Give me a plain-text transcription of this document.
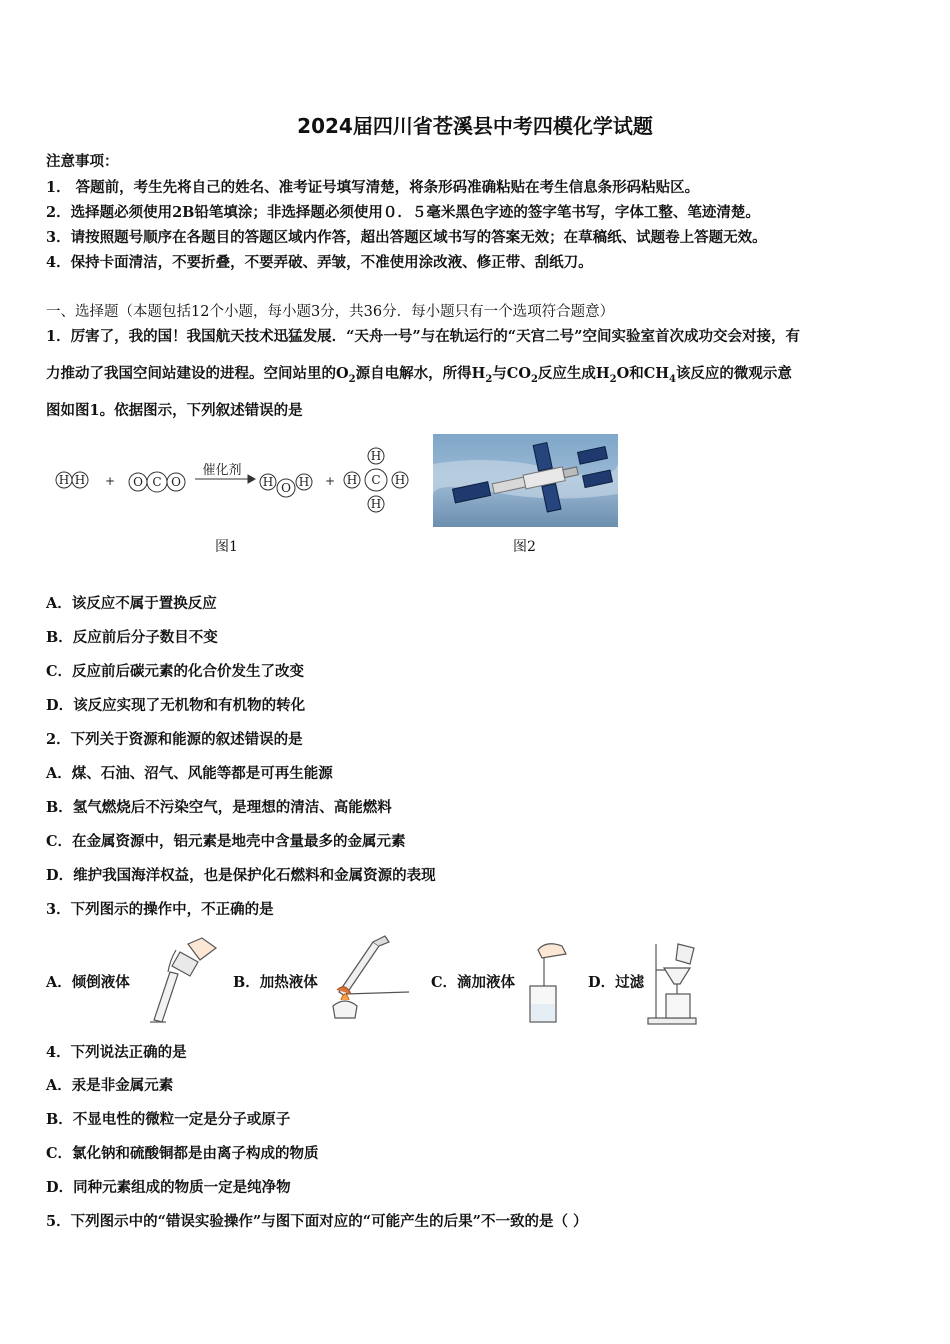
2024届四川省苍溪县中考四模化学试题
注意事项：
1． 答题前，考生先将自己的姓名、准考证号填写清楚，将条形码准确粘贴在考生信息条形码粘贴区。
2．选择题必须使用2B铅笔填涂；非选择题必须使用０．５毫米黑色字迹的签字笔书写，字体工整、笔迹清楚。
3．请按照题号顺序在各题目的答题区域内作答，超出答题区域书写的答案无效；在草稿纸、试题卷上答题无效。
4．保持卡面清洁，不要折叠，不要弄破、弄皱，不准使用涂改液、修正带、刮纸刀。
一、选择题（本题包括12个小题，每小题3分，共36分．每小题只有一个选项符合题意）
1．厉害了，我的国！我国航天技术迅猛发展．“天舟一号”与在轨运行的“天宫二号”空间实验室首次成功交会对接，有
力推动了我国空间站建设的进程。空间站里的$O_2$源自电解水，所得$H_2$与$CO_2$反应生成$H_2O$和$CH_4$该反应的微观示意
图如图1。依据图示，下列叙述错误的是
H H + O C O
催化剂
H O H +
H
H
H	H
C
图1	图2
A．该反应不属于置换反应
B．反应前后分子数目不变
C．反应前后碳元素的化合价发生了改变
D．该反应实现了无机物和有机物的转化
2．下列关于资源和能源的叙述错误的是
A．煤、石油、沼气、风能等都是可再生能源
B．氢气燃烧后不污染空气，是理想的清洁、高能燃料
C．在金属资源中，铝元素是地壳中含量最多的金属元素
D．维护我国海洋权益，也是保护化石燃料和金属资源的表现
3．下列图示的操作中，不正确的是
A．倾倒液体	B．加热液体	C．滴加液体	D．过滤
4．下列说法正确的是
A．汞是非金属元素
B．不显电性的微粒一定是分子或原子
C．氯化钠和硫酸铜都是由离子构成的物质
D．同种元素组成的物质一定是纯净物
5．下列图示中的“错误实验操作”与图下面对应的“可能产生的后果”不一致的是（ ）
